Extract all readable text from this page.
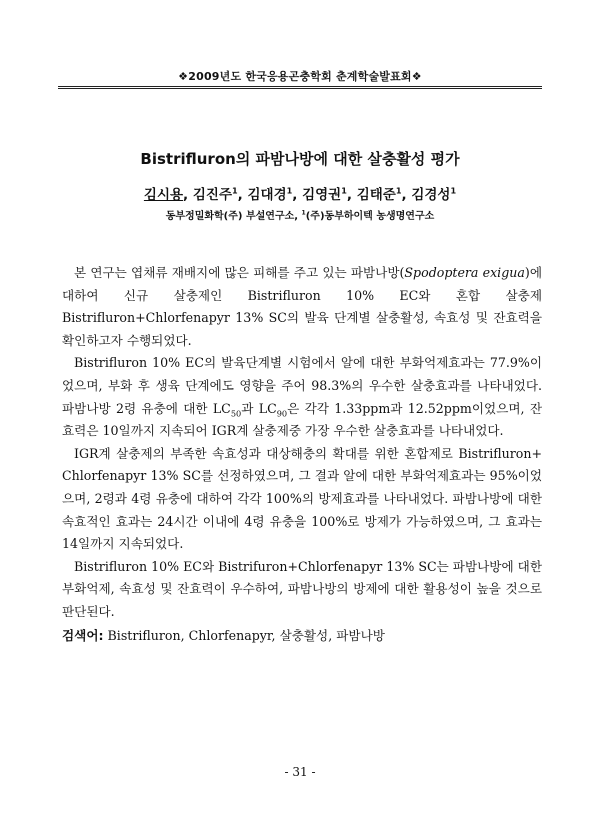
❖2009년도 한국응용곤충학회 춘계학술발표회❖
Bistrifluron의 파밤나방에 대한 살충활성 평가
김시용, 김진주$^1$, 김대경$^1$, 김영권$^1$, 김태준$^1$, 김경성$^1$
동부정밀화학(주) 부설연구소, $^1$(주)동부하이텍 농생명연구소

본 연구는 엽채류 재배지에 많은 피해를 주고 있는 파밤나방(Spodoptera exigua)에 대하여 신규 살충제인 Bistrifluron 10% EC와 혼합 살충제 Bistrifluron+Chlorfenapyr 13% SC의 발육 단계별 살충활성, 속효성 및 잔효력을 확인하고자 수행되었다.

Bistrifluron 10% EC의 발육단계별 시험에서 알에 대한 부화억제효과는 77.9%이었으며, 부화 후 생육 단계에도 영향을 주어 98.3%의 우수한 살충효과를 나타내었다. 파밤나방 2령 유충에 대한 $LC_{50}$과 $LC_{90}$은 각각 1.33ppm과 12.52ppm이었으며, 잔효력은 10일까지 지속되어 IGR계 살충제중 가장 우수한 살충효과를 나타내었다.

IGR계 살충제의 부족한 속효성과 대상해충의 확대를 위한 혼합제로 Bistrifluron+ Chlorfenapyr 13% SC를 선정하였으며, 그 결과 알에 대한 부화억제효과는 95%이었으며, 2령과 4령 유충에 대하여 각각 100%의 방제효과를 나타내었다. 파밤나방에 대한 속효적인 효과는 24시간 이내에 4령 유충을 100%로 방제가 가능하였으며, 그 효과는 14일까지 지속되었다.

Bistrifluron 10% EC와 Bistrifuron+Chlorfenapyr 13% SC는 파밤나방에 대한 부화억제, 속효성 및 잔효력이 우수하여, 파밤나방의 방제에 대한 활용성이 높을 것으로 판단된다.

검색어: Bistrifluron, Chlorfenapyr, 살충활성, 파밤나방
- 31 -
